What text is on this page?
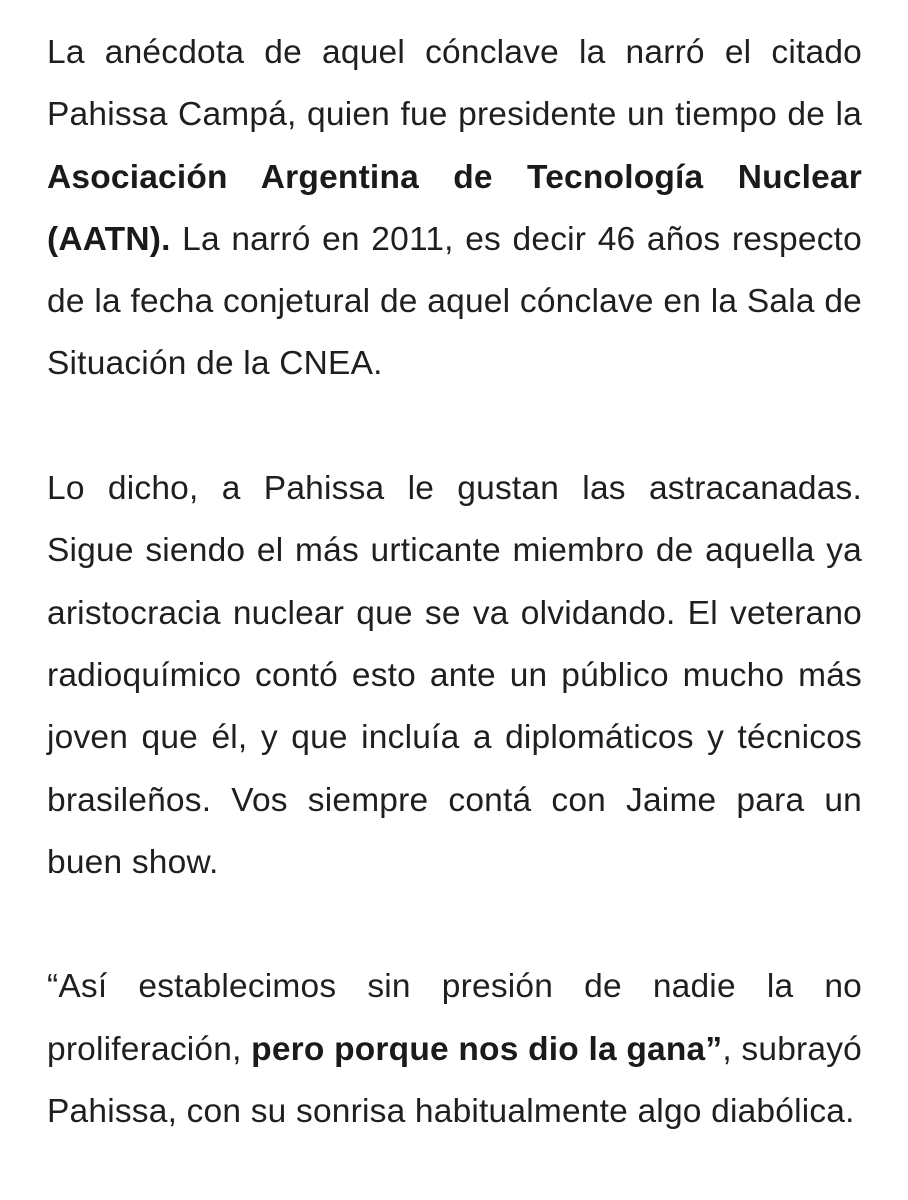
La anécdota de aquel cónclave la narró el citado Pahissa Campá, quien fue presidente un tiempo de la Asociación Argentina de Tecnología Nuclear (AATN). La narró en 2011, es decir 46 años respecto de la fecha conjetural de aquel cónclave en la Sala de Situación de la CNEA.

Lo dicho, a Pahissa le gustan las astracanadas. Sigue siendo el más urticante miembro de aquella ya aristocracia nuclear que se va olvidando. El veterano radioquímico contó esto ante un público mucho más joven que él, y que incluía a diplomáticos y técnicos brasileños. Vos siempre contá con Jaime para un buen show.

“Así establecimos sin presión de nadie la no proliferación, pero porque nos dio la gana”, subrayó Pahissa, con su sonrisa habitualmente algo diabólica.
